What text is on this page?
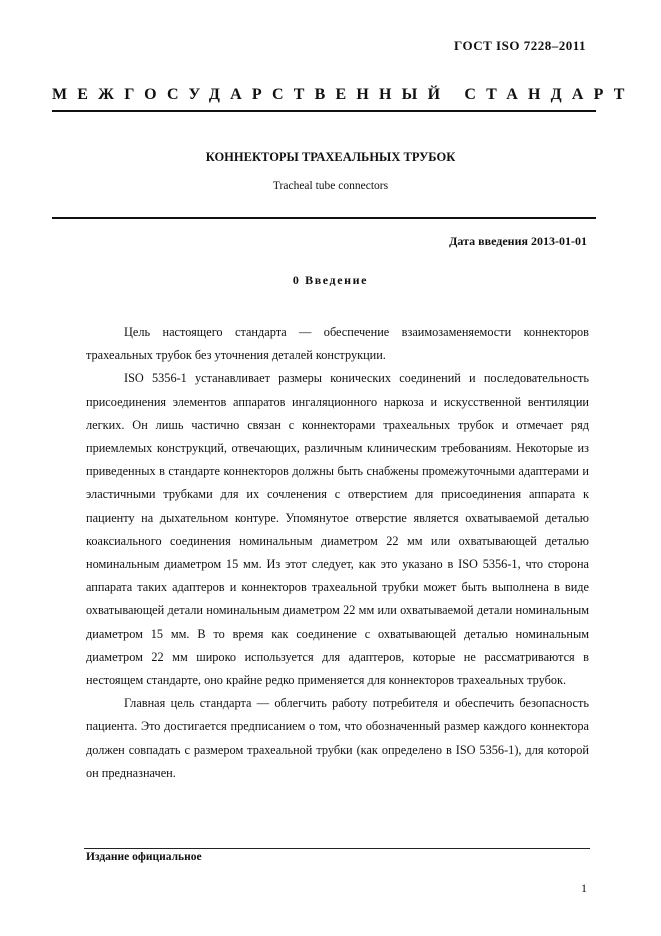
ГОСТ ISO 7228–2011
МЕЖГОСУДАРСТВЕННЫЙ СТАНДАРТ
КОННЕКТОРЫ ТРАХЕАЛЬНЫХ ТРУБОК
Tracheal tube connectors
Дата введения 2013-01-01
0 Введение

Цель настоящего стандарта — обеспечение взаимозаменяемости коннекторов трахеальных трубок без уточнения деталей конструкции.

ISO 5356-1 устанавливает размеры конических соединений и последовательность присоединения элементов аппаратов ингаляционного наркоза и искусственной вентиляции легких. Он лишь частично связан с коннекторами трахеальных трубок и отмечает ряд приемлемых конструкций, отвечающих, различным клиническим требованиям. Некоторые из приведенных в стандарте коннекторов должны быть снабжены промежуточными адаптерами и эластичными трубками для их сочленения с отверстием для присоединения аппарата к пациенту на дыхательном контуре. Упомянутое отверстие является охватываемой деталью коаксиального соединения номинальным диаметром 22 мм или охватывающей деталью номинальным диаметром 15 мм. Из этот следует, как это указано в ISO 5356-1, что сторона аппарата таких адаптеров и коннекторов трахеальной трубки может быть выполнена в виде охватывающей детали номинальным диаметром 22 мм или охватываемой детали номинальным диаметром 15 мм. В то время как соединение с охватывающей деталью номинальным диаметром 22 мм широко используется для адаптеров, которые не рассматриваются в нестоящем стандарте, оно крайне редко применяется для коннекторов трахеальных трубок.

Главная цель стандарта — облегчить работу потребителя и обеспечить безопасность пациента. Это достигается предписанием о том, что обозначенный размер каждого коннектора должен совпадать с размером трахеальной трубки (как определено в ISO 5356-1), для которой он предназначен.

Издание официальное
1
